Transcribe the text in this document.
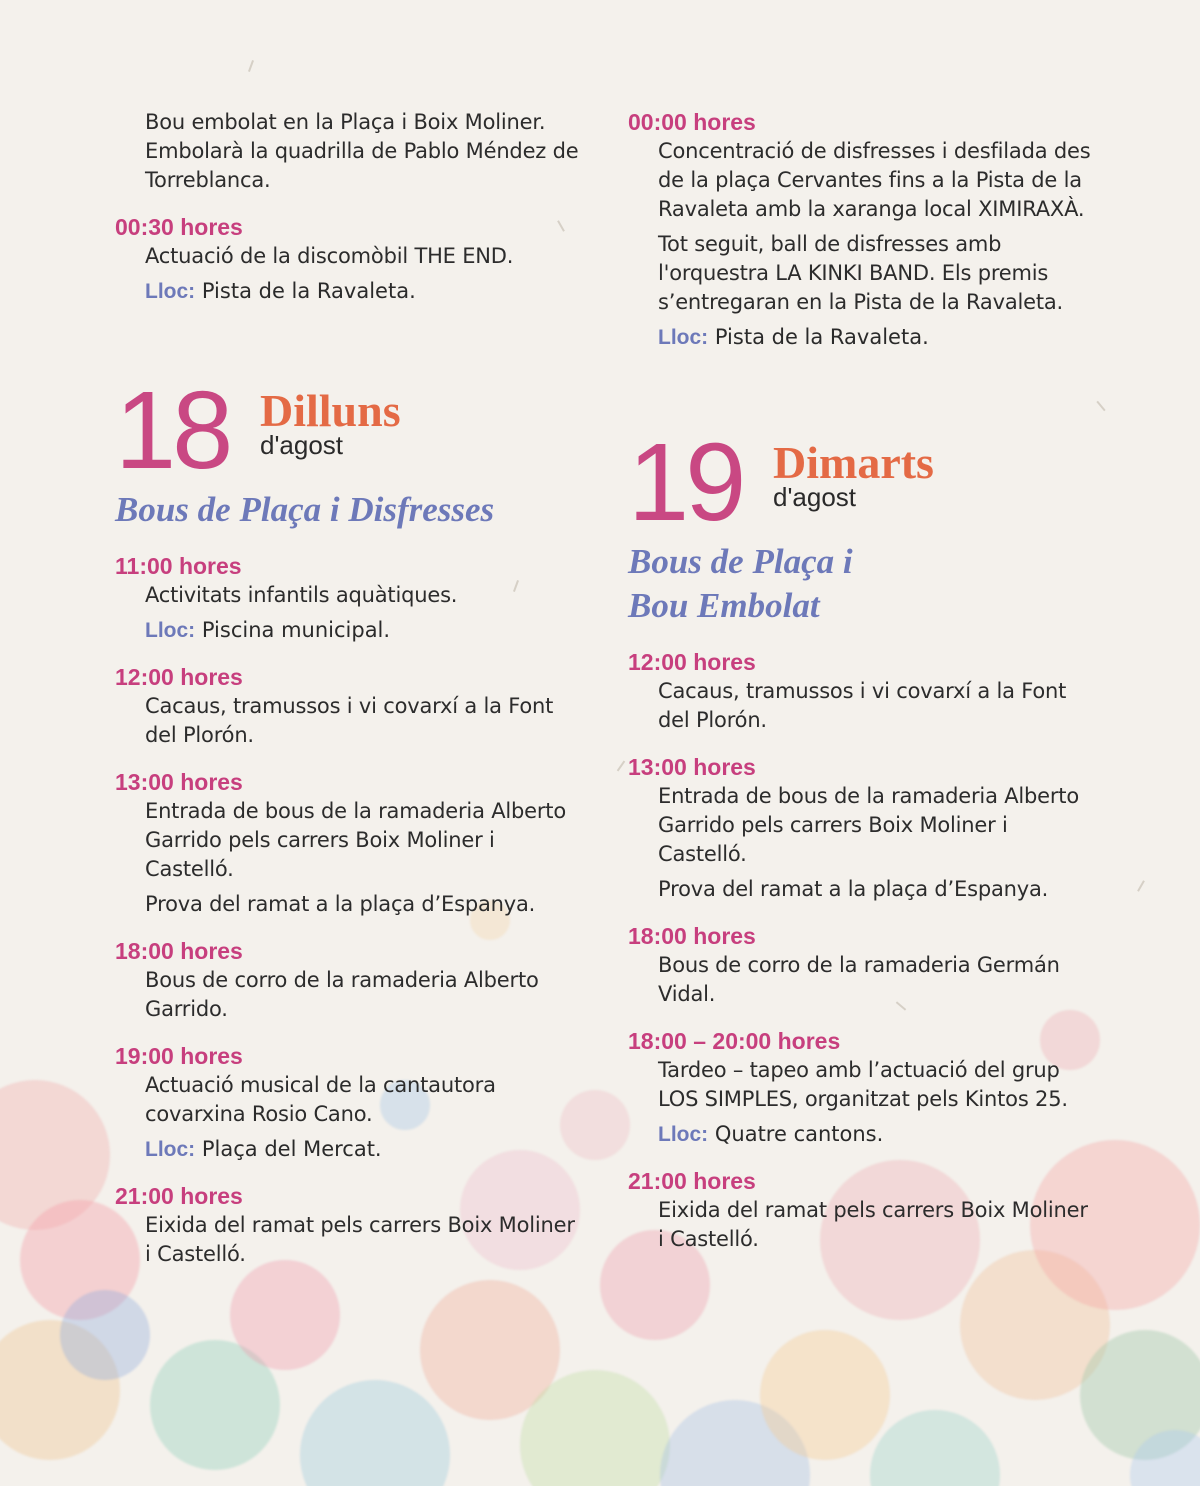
Bou embolat en la Plaça i Boix Moliner. Embolarà la quadrilla de Pablo Méndez de Torreblanca.

00:30 hores

Actuació de la discomòbil THE END.

Lloc: Pista de la Ravaleta.

18 Dilluns
d'agost
Bous de Plaça i Disfresses

11:00 hores

Activitats infantils aquàtiques.

Lloc: Piscina municipal.

12:00 hores

Cacaus, tramussos i vi covarxí a la Font del Plorón.

13:00 hores

Entrada de bous de la ramaderia Alberto Garrido pels carrers Boix Moliner i Castelló.

Prova del ramat a la plaça d’Espanya.

18:00 hores

Bous de corro de la ramaderia Alberto Garrido.

19:00 hores

Actuació musical de la cantautora covarxina Rosio Cano.

Lloc: Plaça del Mercat.

21:00 hores

Eixida del ramat pels carrers Boix Moliner i Castelló.

00:00 hores

Concentració de disfresses i desfilada des de la plaça Cervantes fins a la Pista de la Ravaleta amb la xaranga local XIMIRAXÀ.

Tot seguit, ball de disfresses amb l'orquestra LA KINKI BAND. Els premis s’entregaran en la Pista de la Ravaleta.

Lloc: Pista de la Ravaleta.

19 Dimarts
d'agost
Bous de Plaça i Bou Embolat

12:00 hores

Cacaus, tramussos i vi covarxí a la Font del Plorón.

13:00 hores

Entrada de bous de la ramaderia Alberto Garrido pels carrers Boix Moliner i Castelló.

Prova del ramat a la plaça d’Espanya.

18:00 hores

Bous de corro de la ramaderia Germán Vidal.

18:00 – 20:00 hores

Tardeo – tapeo amb l’actuació del grup LOS SIMPLES, organitzat pels Kintos 25.

Lloc: Quatre cantons.

21:00 hores

Eixida del ramat pels carrers Boix Moliner i Castelló.
